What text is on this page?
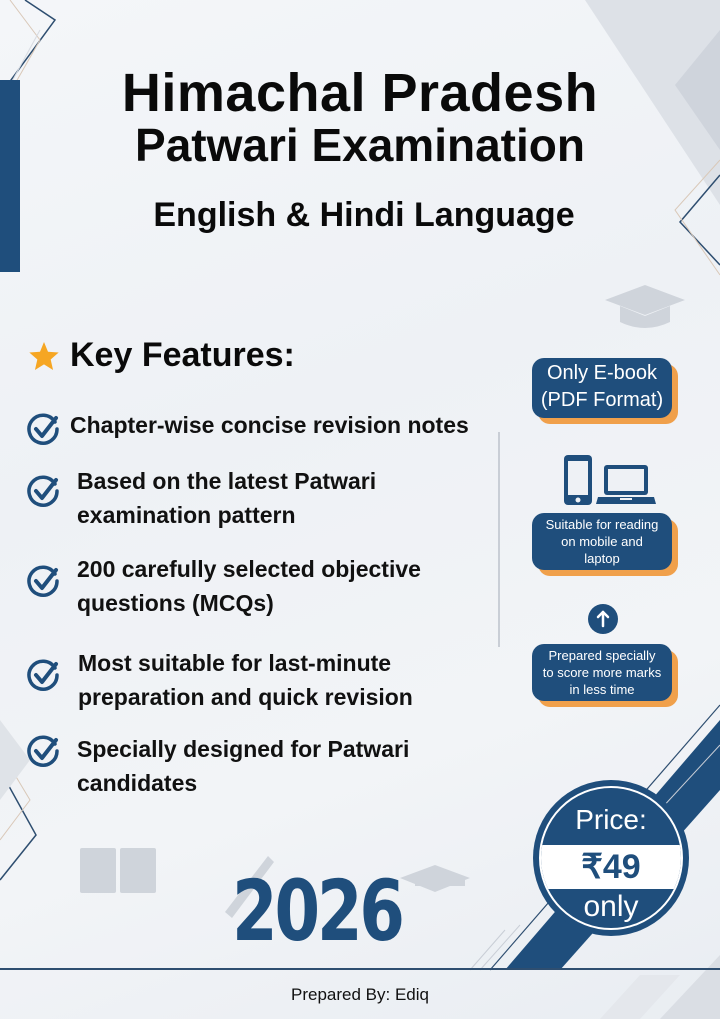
Himachal Pradesh
Patwari Examination
English & Hindi Language
Key Features:
Chapter-wise concise revision notes
Based on the latest Patwari
examination pattern
200 carefully selected objective
questions (MCQs)
Most suitable for last-minute
preparation and quick revision
Specially designed for Patwari
candidates
Only E-book
(PDF Format)
Suitable for reading
on mobile and
laptop
Prepared specially
to score more marks
in less time
Price:
₹49
only
2026
Prepared By: Ediq
